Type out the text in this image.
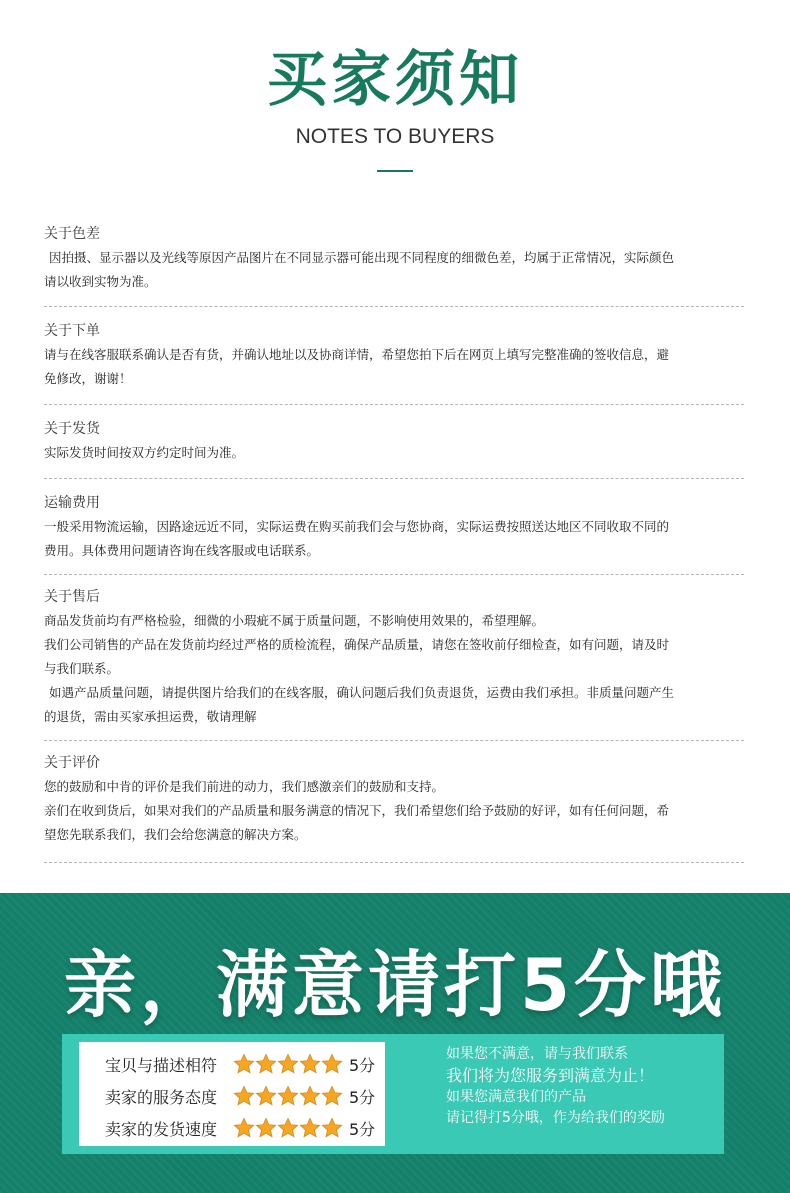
买家须知
NOTES TO BUYERS
关于色差
因拍摄、显示器以及光线等原因产品图片在不同显示器可能出现不同程度的细微色差，均属于正常情况，实际颜色
请以收到实物为准。
关于下单
请与在线客服联系确认是否有货，并确认地址以及协商详情，希望您拍下后在网页上填写完整准确的签收信息，避
免修改，谢谢！
关于发货
实际发货时间按双方约定时间为准。
运输费用
一般采用物流运输，因路途远近不同，实际运费在购买前我们会与您协商，实际运费按照送达地区不同收取不同的
费用。具体费用问题请咨询在线客服或电话联系。
关于售后
商品发货前均有严格检验，细微的小瑕疵不属于质量问题，不影响使用效果的，希望理解。
我们公司销售的产品在发货前均经过严格的质检流程，确保产品质量，请您在签收前仔细检查，如有问题，请及时
与我们联系。
如遇产品质量问题，请提供图片给我们的在线客服，确认问题后我们负责退货，运费由我们承担。非质量问题产生
的退货，需由买家承担运费，敬请理解
关于评价
您的鼓励和中肯的评价是我们前进的动力，我们感激亲们的鼓励和支持。
亲们在收到货后，如果对我们的产品质量和服务满意的情况下，我们希望您们给予鼓励的好评，如有任何问题，希
望您先联系我们，我们会给您满意的解决方案。
亲，满意请打5分哦
宝贝与描述相符	5分
卖家的服务态度	5分
卖家的发货速度	5分
如果您不满意，请与我们联系
我们将为您服务到满意为止！
如果您满意我们的产品
请记得打5分哦，作为给我们的奖励
